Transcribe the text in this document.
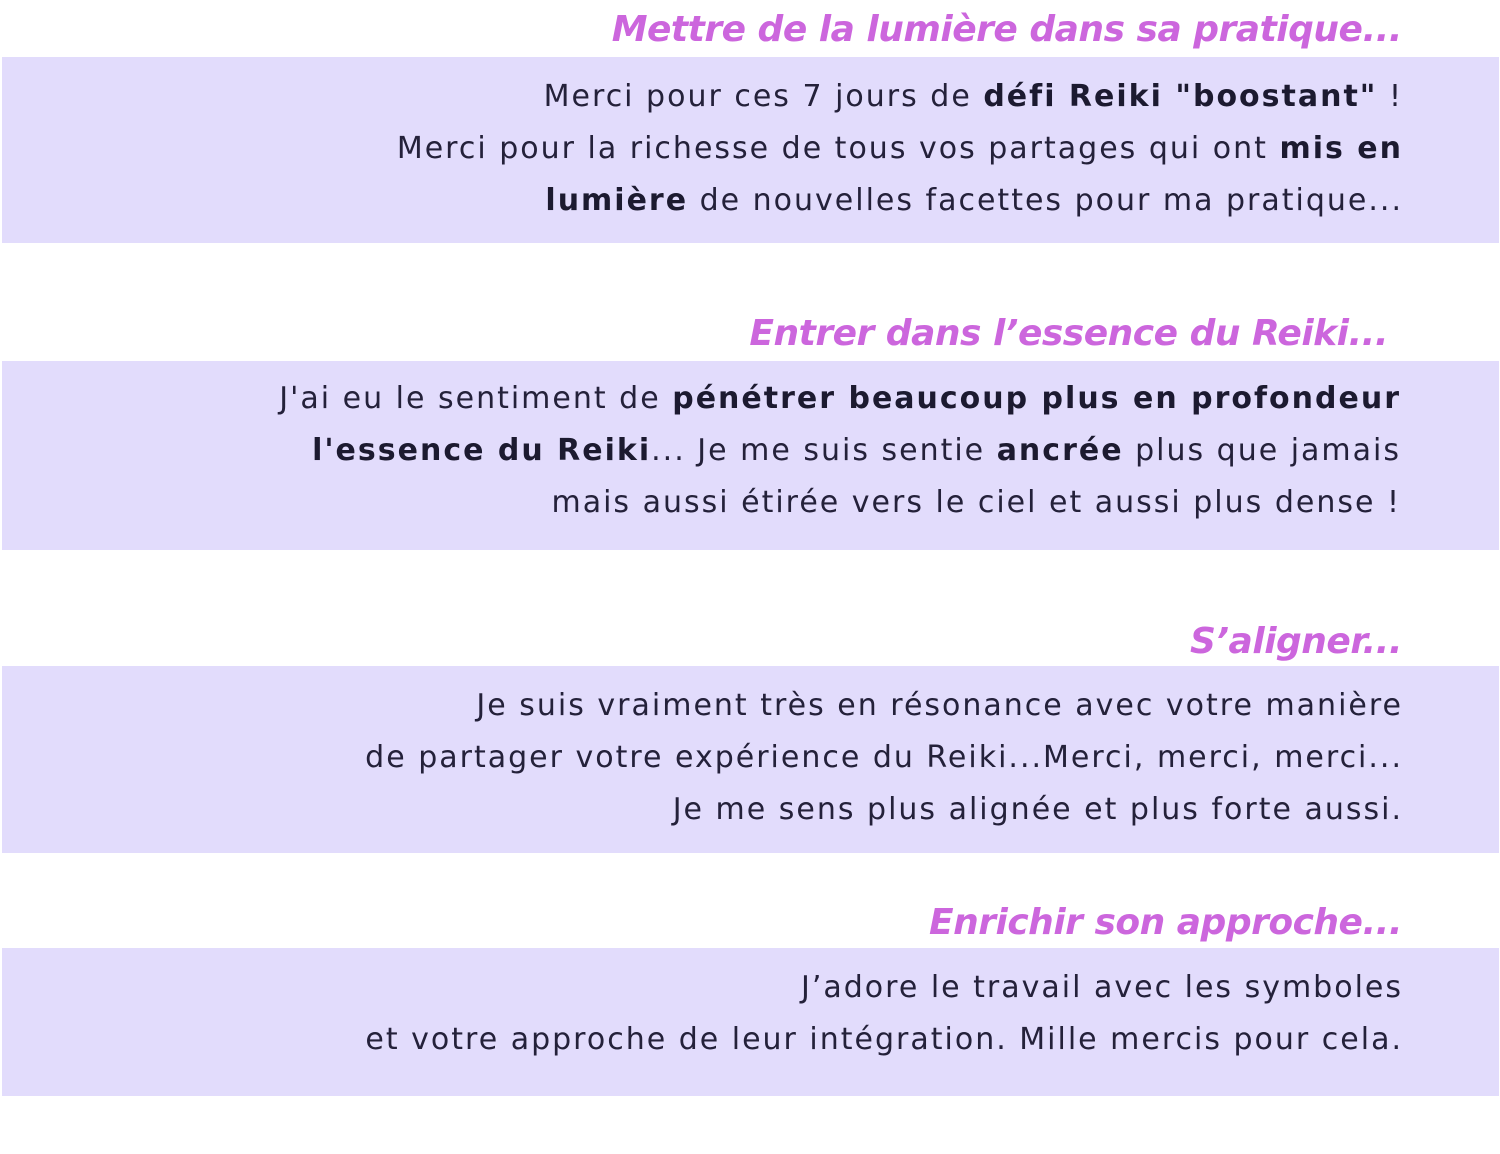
Mettre de la lumière dans sa pratique...

Merci pour ces 7 jours de défi Reiki "boostant" !
Merci pour la richesse de tous vos partages qui ont mis en
lumière de nouvelles facettes pour ma pratique...

Entrer dans l’essence du Reiki...

J'ai eu le sentiment de pénétrer beaucoup plus en profondeur
l'essence du Reiki... Je me suis sentie ancrée plus que jamais
mais aussi étirée vers le ciel et aussi plus dense !

S’aligner...

Je suis vraiment très en résonance avec votre manière
de partager votre expérience du Reiki...Merci, merci, merci...
Je me sens plus alignée et plus forte aussi.

Enrichir son approche...

J’adore le travail avec les symboles
et votre approche de leur intégration. Mille mercis pour cela.
